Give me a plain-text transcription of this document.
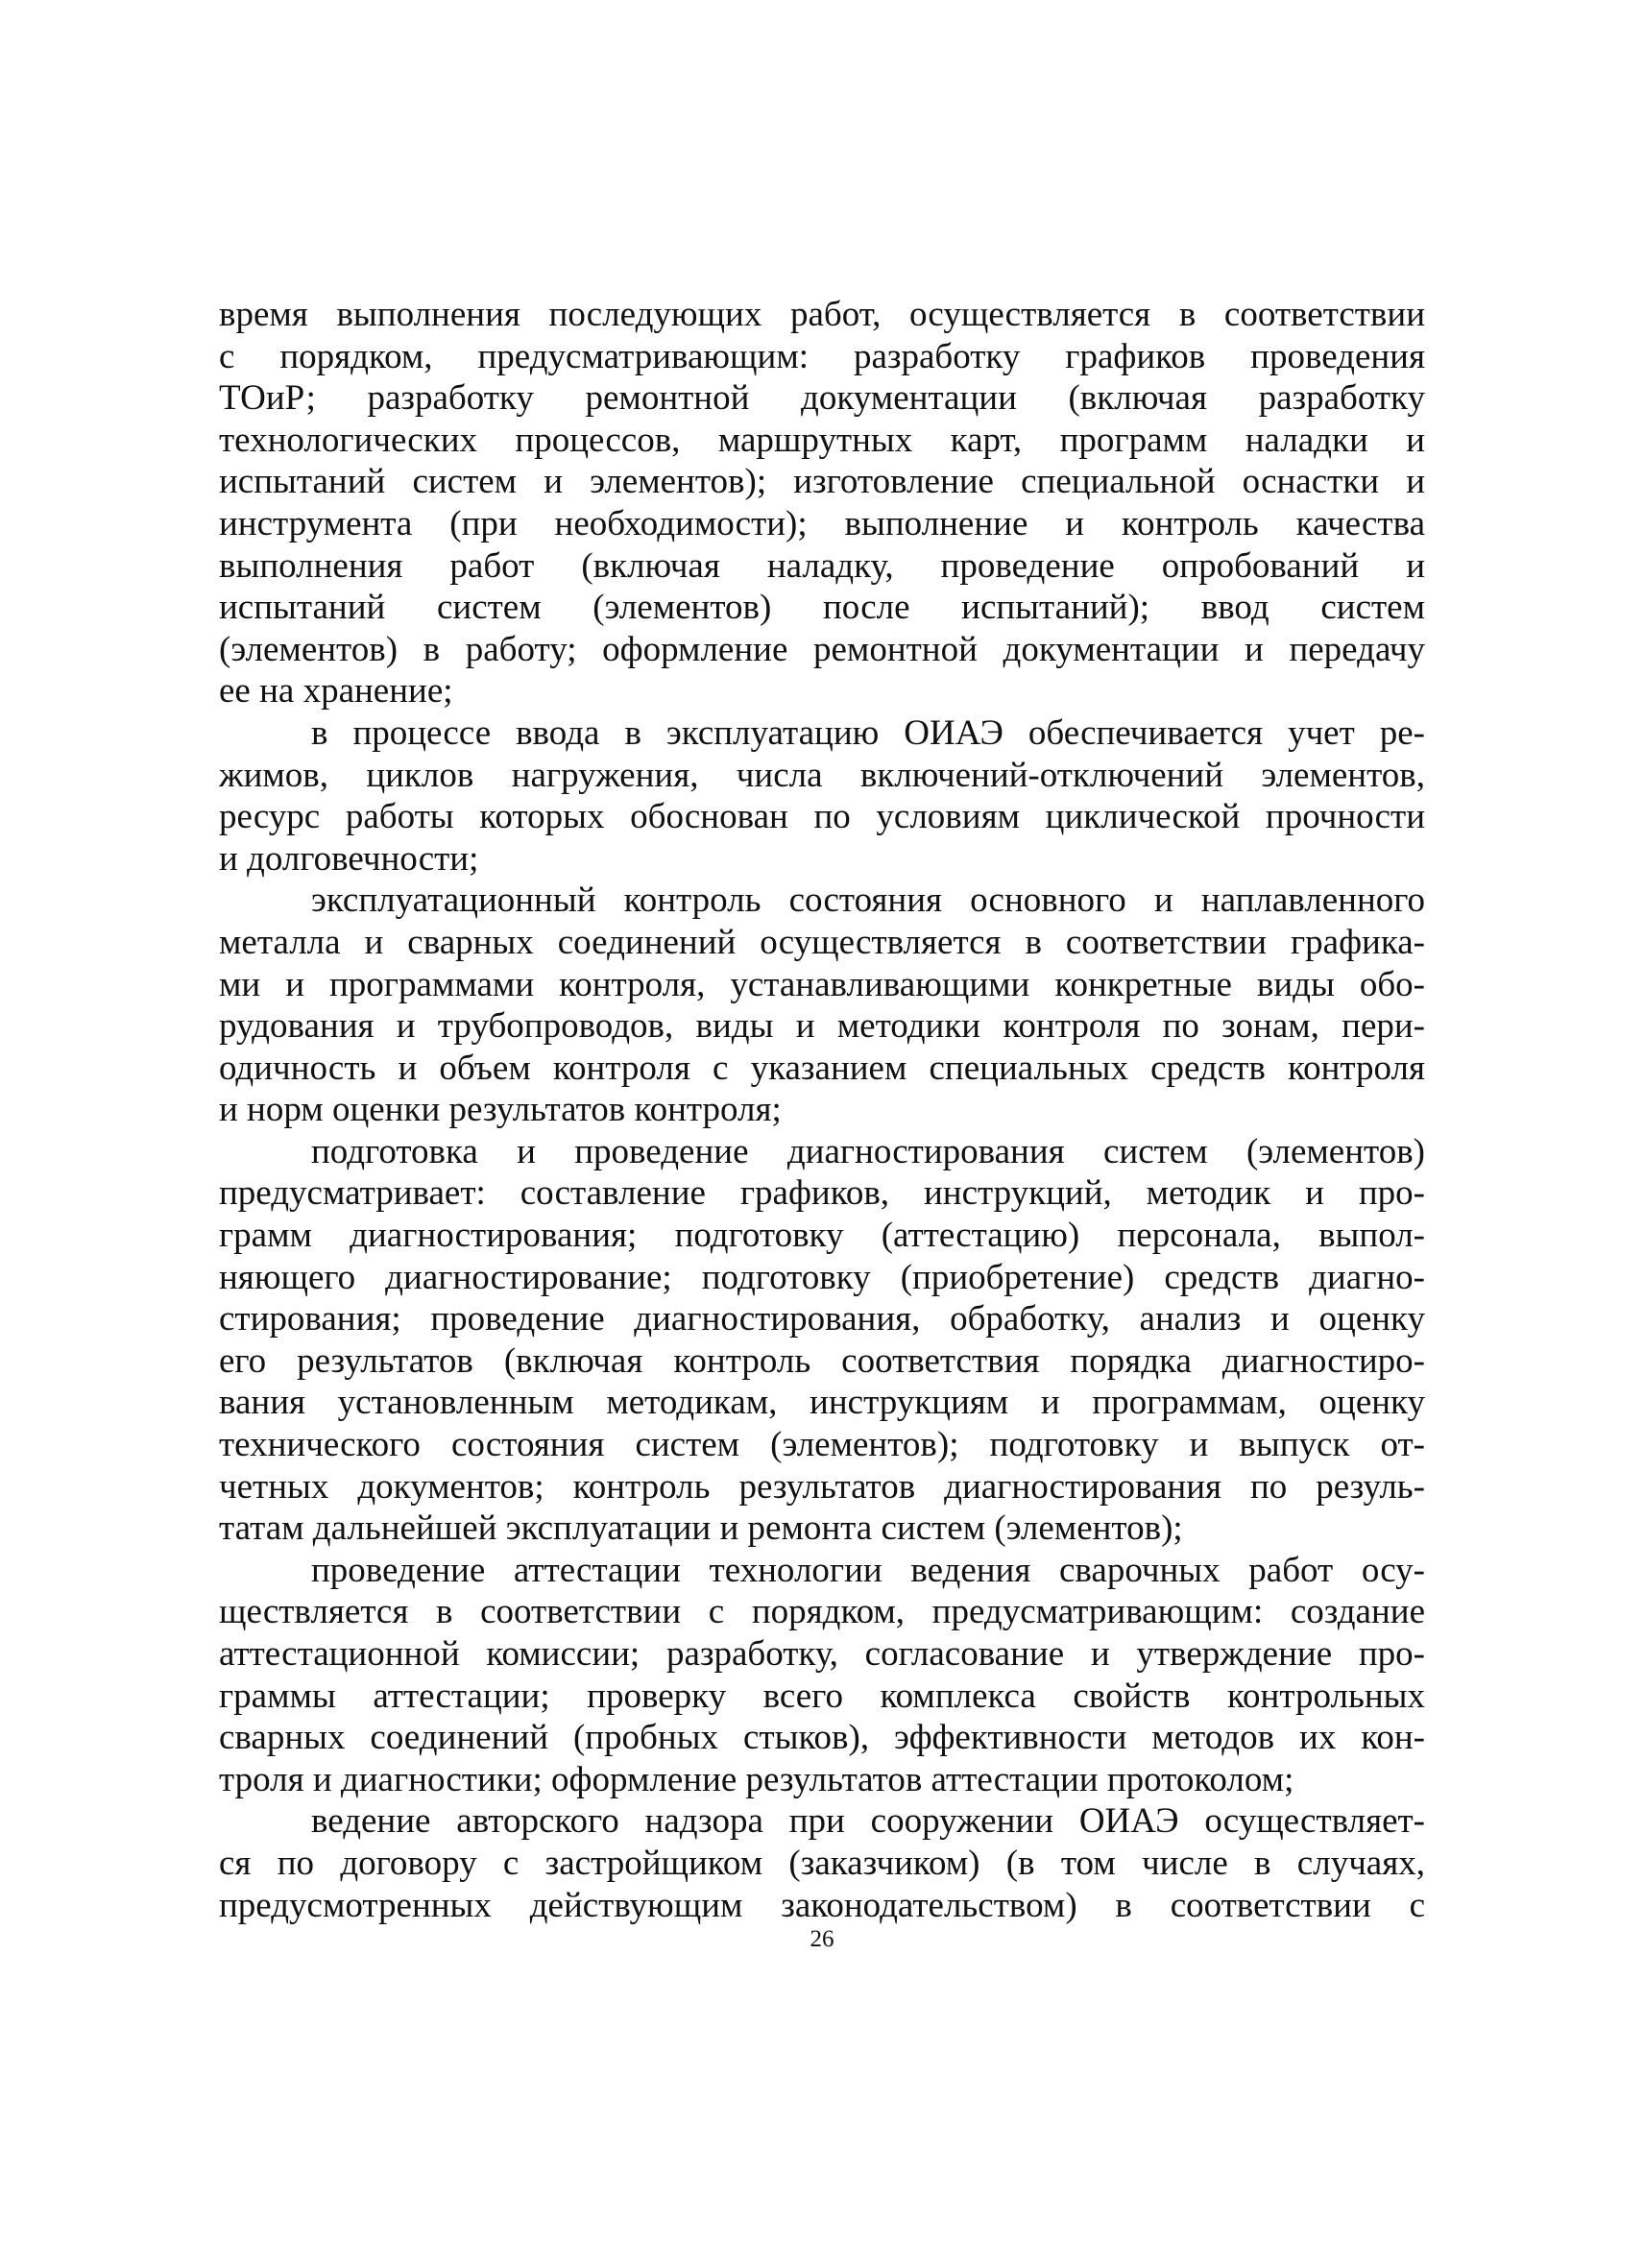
время выполнения последующих работ, осуществляется в соответствии
с порядком, предусматривающим: разработку графиков проведения
ТОиР; разработку ремонтной документации (включая разработку
технологических процессов, маршрутных карт, программ наладки и
испытаний систем и элементов); изготовление специальной оснастки и
инструмента (при необходимости); выполнение и контроль качества
выполнения работ (включая наладку, проведение опробований и
испытаний систем (элементов) после испытаний); ввод систем
(элементов) в работу; оформление ремонтной документации и передачу
ее на хранение;
в процессе ввода в эксплуатацию ОИАЭ обеспечивается учет ре-
жимов, циклов нагружения, числа включений-отключений элементов,
ресурс работы которых обоснован по условиям циклической прочности
и долговечности;
эксплуатационный контроль состояния основного и наплавленного
металла и сварных соединений осуществляется в соответствии графика-
ми и программами контроля, устанавливающими конкретные виды обо-
рудования и трубопроводов, виды и методики контроля по зонам, пери-
одичность и объем контроля с указанием специальных средств контроля
и норм оценки результатов контроля;
подготовка и проведение диагностирования систем (элементов)
предусматривает: составление графиков, инструкций, методик и про-
грамм диагностирования; подготовку (аттестацию) персонала, выпол-
няющего диагностирование; подготовку (приобретение) средств диагно-
стирования; проведение диагностирования, обработку, анализ и оценку
его результатов (включая контроль соответствия порядка диагностиро-
вания установленным методикам, инструкциям и программам, оценку
технического состояния систем (элементов); подготовку и выпуск от-
четных документов; контроль результатов диагностирования по резуль-
татам дальнейшей эксплуатации и ремонта систем (элементов);
проведение аттестации технологии ведения сварочных работ осу-
ществляется в соответствии с порядком, предусматривающим: создание
аттестационной комиссии; разработку, согласование и утверждение про-
граммы аттестации; проверку всего комплекса свойств контрольных
сварных соединений (пробных стыков), эффективности методов их кон-
троля и диагностики; оформление результатов аттестации протоколом;
ведение авторского надзора при сооружении ОИАЭ осуществляет-
ся по договору с застройщиком (заказчиком) (в том числе в случаях,
предусмотренных действующим законодательством) в соответствии с
26
